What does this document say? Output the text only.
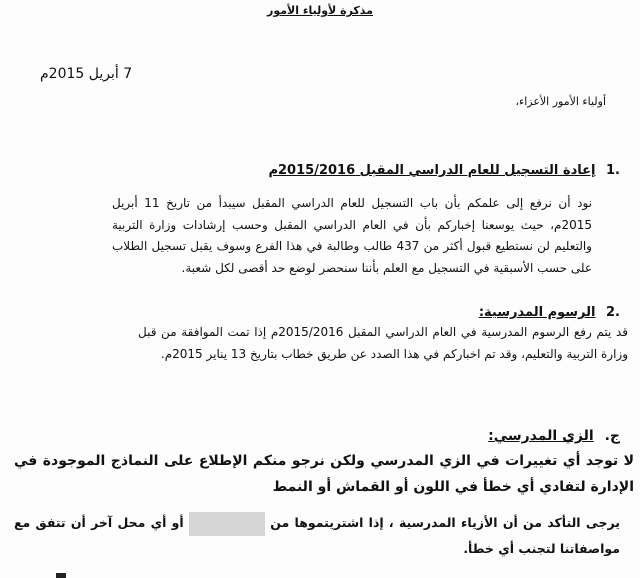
مذكرة لأولياء الأمور
7 أبريل 2015م
أولياء الأمور الأعزاء،
.1 إعادة التسجيل للعام الدراسي المقبل 2015/2016م
نود أن نرفع إلى علمكم بأن باب التسجيل للعام الدراسي المقبل سيبدأ من تاريخ 11 أبريل 2015م، حيث يوسعنا إخباركم بأن في العام الدراسي المقبل وحسب إرشادات وزارة التربية والتعليم لن نستطيع قبول أكثر من 437 طالب وطالبة في هذا الفرع وسوف يقبل تسجيل الطلاب على حسب الأسبقية في التسجيل مع العلم بأننا سنحصر لوضع حد أقصى لكل شعبة.
.2 الرسوم المدرسية:
قد يتم رفع الرسوم المدرسية في العام الدراسي المقبل 2015/2016م إذا تمت الموافقة من قبل وزارة التربية والتعليم، وقد تم اخباركم في هذا الصدد عن طريق خطاب بتاريخ 13 يناير 2015م.
ج. الزي المدرسي:
لا توجد أي تغييرات في الزي المدرسي ولكن نرجو منكم الإطلاع على النماذج الموجودة في الإدارة لتفادي أي خطأ في اللون أو القماش أو النمط
يرجى التأكد من أن الأزياء المدرسية ، إذا اشتريتموها من  أو أي محل آخر أن تتفق مع مواصفاتنا لتجنب أي خطأ.
